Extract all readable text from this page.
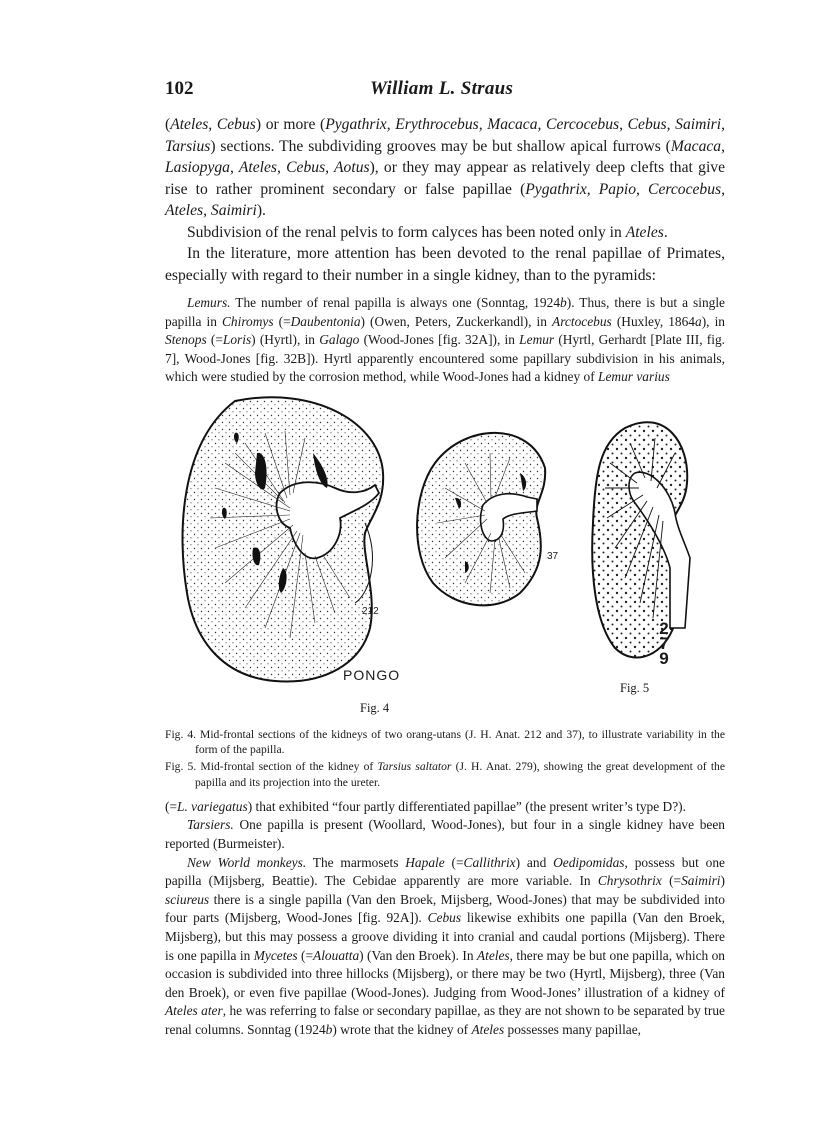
102	William L. Straus

(Ateles, Cebus) or more (Pygathrix, Erythrocebus, Macaca, Cercocebus, Cebus, Saimiri, Tarsius) sections. The subdividing grooves may be but shallow apical furrows (Macaca, Lasiopyga, Ateles, Cebus, Aotus), or they may appear as relatively deep clefts that give rise to rather prominent secondary or false papillae (Pygathrix, Papio, Cercocebus, Ateles, Saimiri).

Subdivision of the renal pelvis to form calyces has been noted only in Ateles.

In the literature, more attention has been devoted to the renal papillae of Primates, especially with regard to their number in a single kidney, than to the pyramids:

Lemurs. The number of renal papilla is always one (Sonntag, 1924b). Thus, there is but a single papilla in Chiromys (=Daubentonia) (Owen, Peters, Zuckerkandl), in Arctocebus (Huxley, 1864a), in Stenops (=Loris) (Hyrtl), in Galago (Wood-Jones [fig. 32A]), in Lemur (Hyrtl, Gerhardt [Plate III, fig. 7], Wood-Jones [fig. 32B]). Hyrtl apparently encountered some papillary subdivision in his animals, which were studied by the corrosion method, while Wood-Jones had a kidney of Lemur varius

PONGO
Fig. 4
Fig. 5
212
37
2
7
9
Fig. 4. Mid-frontal sections of the kidneys of two orang-utans (J. H. Anat. 212 and 37), to illustrate variability in the form of the papilla.
Fig. 5. Mid-frontal section of the kidney of Tarsius saltator (J. H. Anat. 279), showing the great development of the papilla and its projection into the ureter.

(=L. variegatus) that exhibited “four partly differentiated papillae” (the present writer’s type D?).

Tarsiers. One papilla is present (Woollard, Wood-Jones), but four in a single kidney have been reported (Burmeister).

New World monkeys. The marmosets Hapale (=Callithrix) and Oedipomidas, possess but one papilla (Mijsberg, Beattie). The Cebidae apparently are more variable. In Chrysothrix (=Saimiri) sciureus there is a single papilla (Van den Broek, Mijsberg, Wood-Jones) that may be subdivided into four parts (Mijsberg, Wood-Jones [fig. 92A]). Cebus likewise exhibits one papilla (Van den Broek, Mijsberg), but this may possess a groove dividing it into cranial and caudal portions (Mijsberg). There is one papilla in Mycetes (=Alouatta) (Van den Broek). In Ateles, there may be but one papilla, which on occasion is subdivided into three hillocks (Mijsberg), or there may be two (Hyrtl, Mijsberg), three (Van den Broek), or even five papillae (Wood-Jones). Judging from Wood-Jones’ illustration of a kidney of Ateles ater, he was referring to false or secondary papillae, as they are not shown to be separated by true renal columns. Sonntag (1924b) wrote that the kidney of Ateles possesses many papillae,
